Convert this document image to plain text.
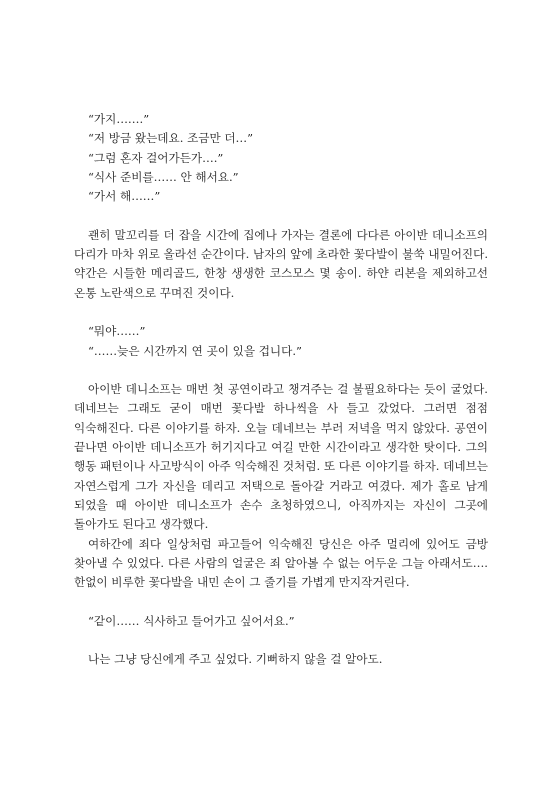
“가지…….”

“저 방금 왔는데요. 조금만 더…”

“그럼 혼자 걸어가든가….”

“식사 준비를…… 안 해서요.”

“가서 해……”

괜히 말꼬리를 더 잡을 시간에 집에나 가자는 결론에 다다른 아이반 데니소프의 다리가 마차 위로 올라선 순간이다. 남자의 앞에 초라한 꽃다발이 불쑥 내밀어진다. 약간은 시들한 메리골드, 한창 생생한 코스모스 몇 송이. 하얀 리본을 제외하고선 온통 노란색으로 꾸며진 것이다.

“뭐야……”

“……늦은 시간까지 연 곳이 있을 겁니다.”

아이반 데니소프는 매번 첫 공연이라고 챙겨주는 걸 불필요하다는 듯이 굴었다. 데네브는 그래도 굳이 매번 꽃다발 하나씩을 사 들고 갔었다. 그러면 점점 익숙해진다. 다른 이야기를 하자. 오늘 데네브는 부러 저녁을 먹지 않았다. 공연이 끝나면 아이반 데니소프가 허기지다고 여길 만한 시간이라고 생각한 탓이다. 그의 행동 패턴이나 사고방식이 아주 익숙해진 것처럼. 또 다른 이야기를 하자. 데네브는 자연스럽게 그가 자신을 데리고 저택으로 돌아갈 거라고 여겼다. 제가 홀로 남게 되었을 때 아이반 데니소프가 손수 초청하였으니, 아직까지는 자신이 그곳에 돌아가도 된다고 생각했다.

여하간에 죄다 일상처럼 파고들어 익숙해진 당신은 아주 멀리에 있어도 금방 찾아낼 수 있었다. 다른 사람의 얼굴은 죄 알아볼 수 없는 어두운 그늘 아래서도…. 한없이 비루한 꽃다발을 내민 손이 그 줄기를 가볍게 만지작거린다.

“같이…… 식사하고 들어가고 싶어서요.”

나는 그냥 당신에게 주고 싶었다. 기뻐하지 않을 걸 알아도.
